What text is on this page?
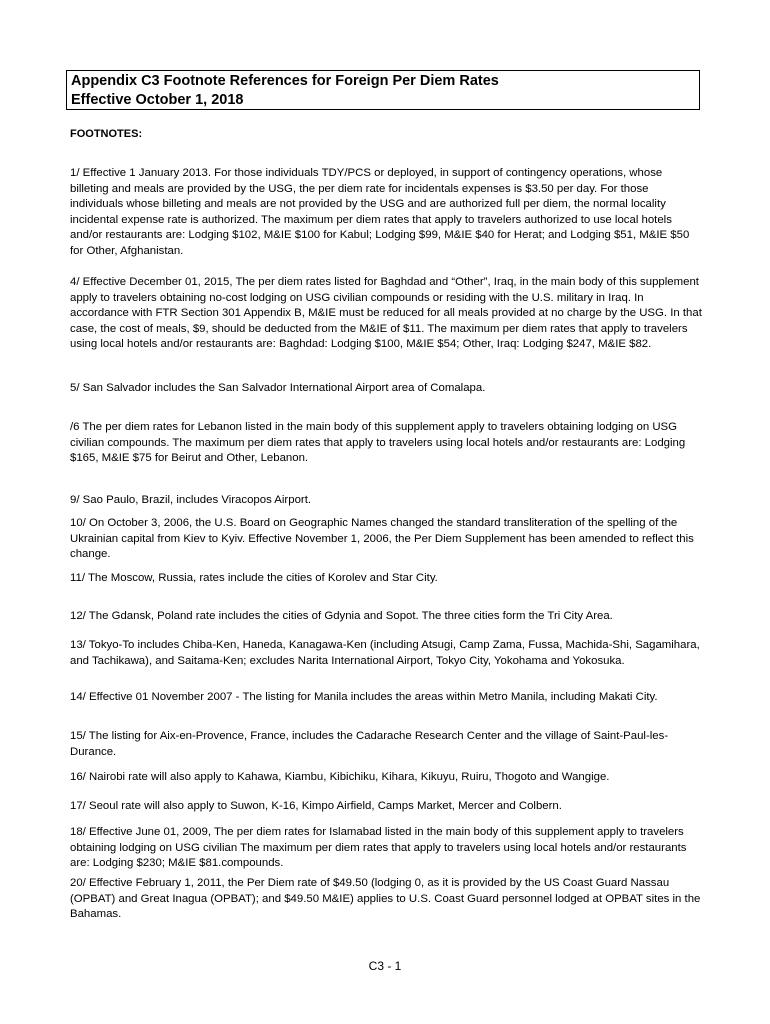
Appendix C3 Footnote References for Foreign Per Diem Rates
Effective October 1, 2018
FOOTNOTES:
1/ Effective 1 January 2013. For those individuals TDY/PCS or deployed, in support of contingency operations, whose billeting and meals are provided by the USG, the per diem rate for incidentals expenses is $3.50 per day. For those individuals whose billeting and meals are not provided by the USG and are authorized full per diem, the normal locality incidental expense rate is authorized. The maximum per diem rates that apply to travelers authorized to use local hotels and/or restaurants are: Lodging $102, M&IE $100 for Kabul; Lodging $99, M&IE $40 for Herat; and Lodging $51, M&IE $50 for Other, Afghanistan.
4/ Effective December 01, 2015, The per diem rates listed for Baghdad and “Other”, Iraq, in the main body of this supplement apply to travelers obtaining no-cost lodging on USG civilian compounds or residing with the U.S. military in Iraq. In accordance with FTR Section 301 Appendix B, M&IE must be reduced for all meals provided at no charge by the USG. In that case, the cost of meals, $9, should be deducted from the M&IE of $11. The maximum per diem rates that apply to travelers using local hotels and/or restaurants are: Baghdad: Lodging $100, M&IE $54; Other, Iraq: Lodging $247, M&IE $82.
5/ San Salvador includes the San Salvador International Airport area of Comalapa.
/6 The per diem rates for Lebanon listed in the main body of this supplement apply to travelers obtaining lodging on USG civilian compounds. The maximum per diem rates that apply to travelers using local hotels and/or restaurants are: Lodging $165, M&IE $75 for Beirut and Other, Lebanon.
9/ Sao Paulo, Brazil, includes Viracopos Airport.
10/ On October 3, 2006, the U.S. Board on Geographic Names changed the standard transliteration of the spelling of the Ukrainian capital from Kiev to Kyiv. Effective November 1, 2006, the Per Diem Supplement has been amended to reflect this change.
11/ The Moscow, Russia, rates include the cities of Korolev and Star City.
12/ The Gdansk, Poland rate includes the cities of Gdynia and Sopot. The three cities form the Tri City Area.
13/ Tokyo-To includes Chiba-Ken, Haneda, Kanagawa-Ken (including Atsugi, Camp Zama, Fussa, Machida-Shi, Sagamihara, and Tachikawa), and Saitama-Ken; excludes Narita International Airport, Tokyo City, Yokohama and Yokosuka.
14/ Effective 01 November 2007 - The listing for Manila includes the areas within Metro Manila, including Makati City.
15/ The listing for Aix-en-Provence, France, includes the Cadarache Research Center and the village of Saint-Paul-les-Durance.
16/ Nairobi rate will also apply to Kahawa, Kiambu, Kibichiku, Kihara, Kikuyu, Ruiru, Thogoto and Wangige.
17/ Seoul rate will also apply to Suwon, K-16, Kimpo Airfield, Camps Market, Mercer and Colbern.
18/ Effective June 01, 2009, The per diem rates for Islamabad listed in the main body of this supplement apply to travelers obtaining lodging on USG civilian The maximum per diem rates that apply to travelers using local hotels and/or restaurants are: Lodging $230; M&IE $81.compounds.
20/ Effective February 1, 2011, the Per Diem rate of $49.50 (lodging 0, as it is provided by the US Coast Guard Nassau (OPBAT) and Great Inagua (OPBAT); and $49.50 M&IE) applies to U.S. Coast Guard personnel lodged at OPBAT sites in the Bahamas.
C3 - 1
